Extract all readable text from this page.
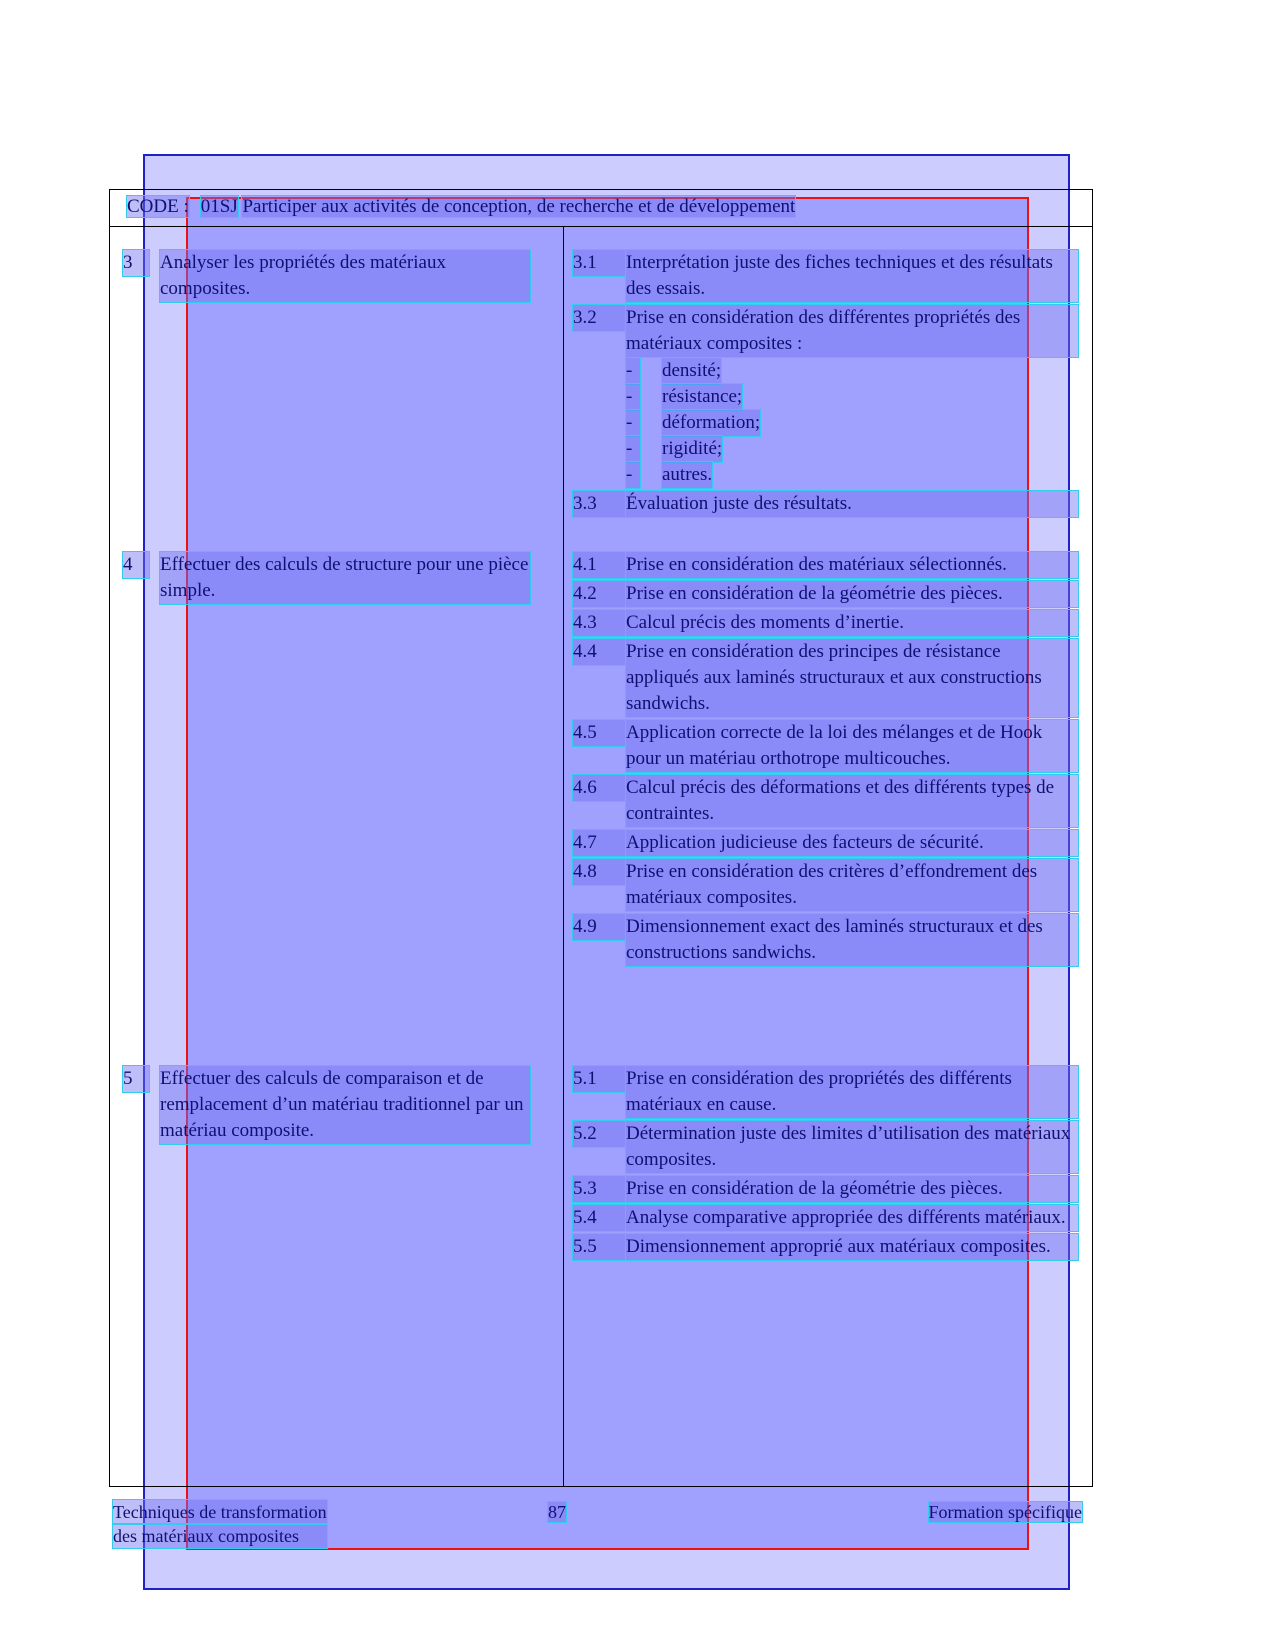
CODE : 01SJ Participer aux activités de conception, de recherche et de développement
3	Analyser les propriétés des matériaux composites.
3.1	Interprétation juste des fiches techniques et des résultats des essais.
3.2	Prise en considération des différentes propriétés des matériaux composites :
-	densité;
-	résistance;
-	déformation;
-	rigidité;
-	autres.
3.3	Évaluation juste des résultats.
4	Effectuer des calculs de structure pour une pièce simple.
4.1	Prise en considération des matériaux sélectionnés.
4.2	Prise en considération de la géométrie des pièces.
4.3	Calcul précis des moments d’inertie.
4.4	Prise en considération des principes de résistance appliqués aux laminés structuraux et aux constructions sandwichs.
4.5	Application correcte de la loi des mélanges et de Hook pour un matériau orthotrope multicouches.
4.6	Calcul précis des déformations et des différents types de contraintes.
4.7	Application judicieuse des facteurs de sécurité.
4.8	Prise en considération des critères d’effondrement des matériaux composites.
4.9	Dimensionnement exact des laminés structuraux et des constructions sandwichs.
5	Effectuer des calculs de comparaison et de remplacement d’un matériau traditionnel par un matériau composite.
5.1	Prise en considération des propriétés des différents matériaux en cause.
5.2	Détermination juste des limites d’utilisation des matériaux composites.
5.3	Prise en considération de la géométrie des pièces.
5.4	Analyse comparative appropriée des différents matériaux.
5.5	Dimensionnement approprié aux matériaux composites.
Techniques de transformation
des matériaux composites
87	Formation spécifique
